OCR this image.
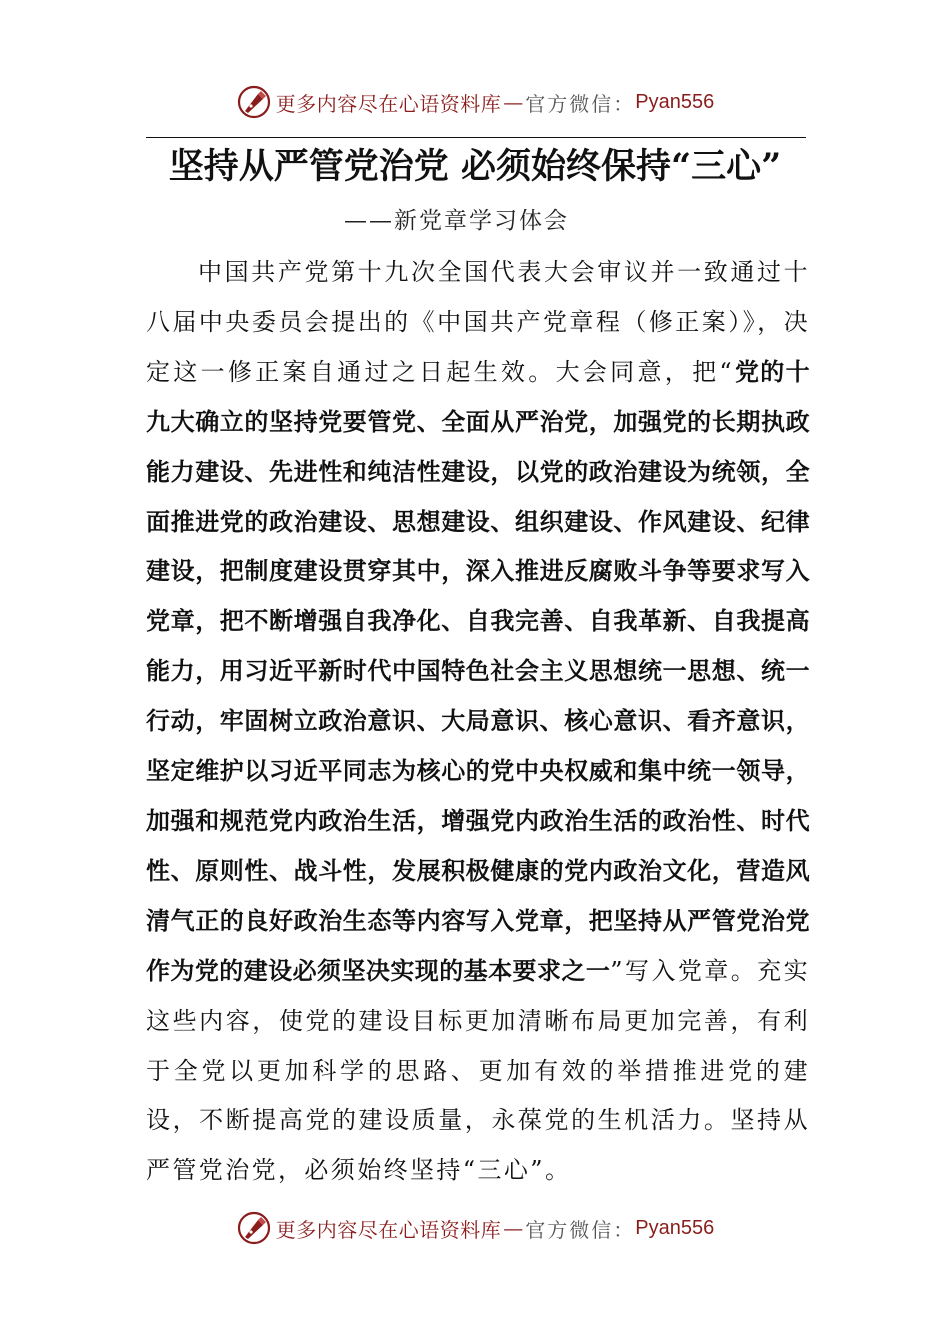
更多内容尽在心语资料库 — 官方微信： Pyan556
坚持从严管党治党 必须始终保持“三心”
——新党章学习体会

中国共产党第十九次全国代表大会审议并一致通过十八届中央委员会提出的《中国共产党章程（修正案）》，决定这一修正案自通过之日起生效。大会同意，把“党的十九大确立的坚持党要管党、全面从严治党，加强党的长期执政能力建设、先进性和纯洁性建设，以党的政治建设为统领，全面推进党的政治建设、思想建设、组织建设、作风建设、纪律建设，把制度建设贯穿其中，深入推进反腐败斗争等要求写入党章，把不断增强自我净化、自我完善、自我革新、自我提高能力，用习近平新时代中国特色社会主义思想统一思想、统一行动，牢固树立政治意识、大局意识、核心意识、看齐意识，坚定维护以习近平同志为核心的党中央权威和集中统一领导，加强和规范党内政治生活，增强党内政治生活的政治性、时代性、原则性、战斗性，发展积极健康的党内政治文化，营造风清气正的良好政治生态等内容写入党章，把坚持从严管党治党作为党的建设必须坚决实现的基本要求之一”写入党章。充实这些内容，使党的建设目标更加清晰布局更加完善，有利于全党以更加科学的思路、更加有效的举措推进党的建设，不断提高党的建设质量，永葆党的生机活力。坚持从严管党治党，必须始终坚持“三心”。

更多内容尽在心语资料库 — 官方微信： Pyan556
